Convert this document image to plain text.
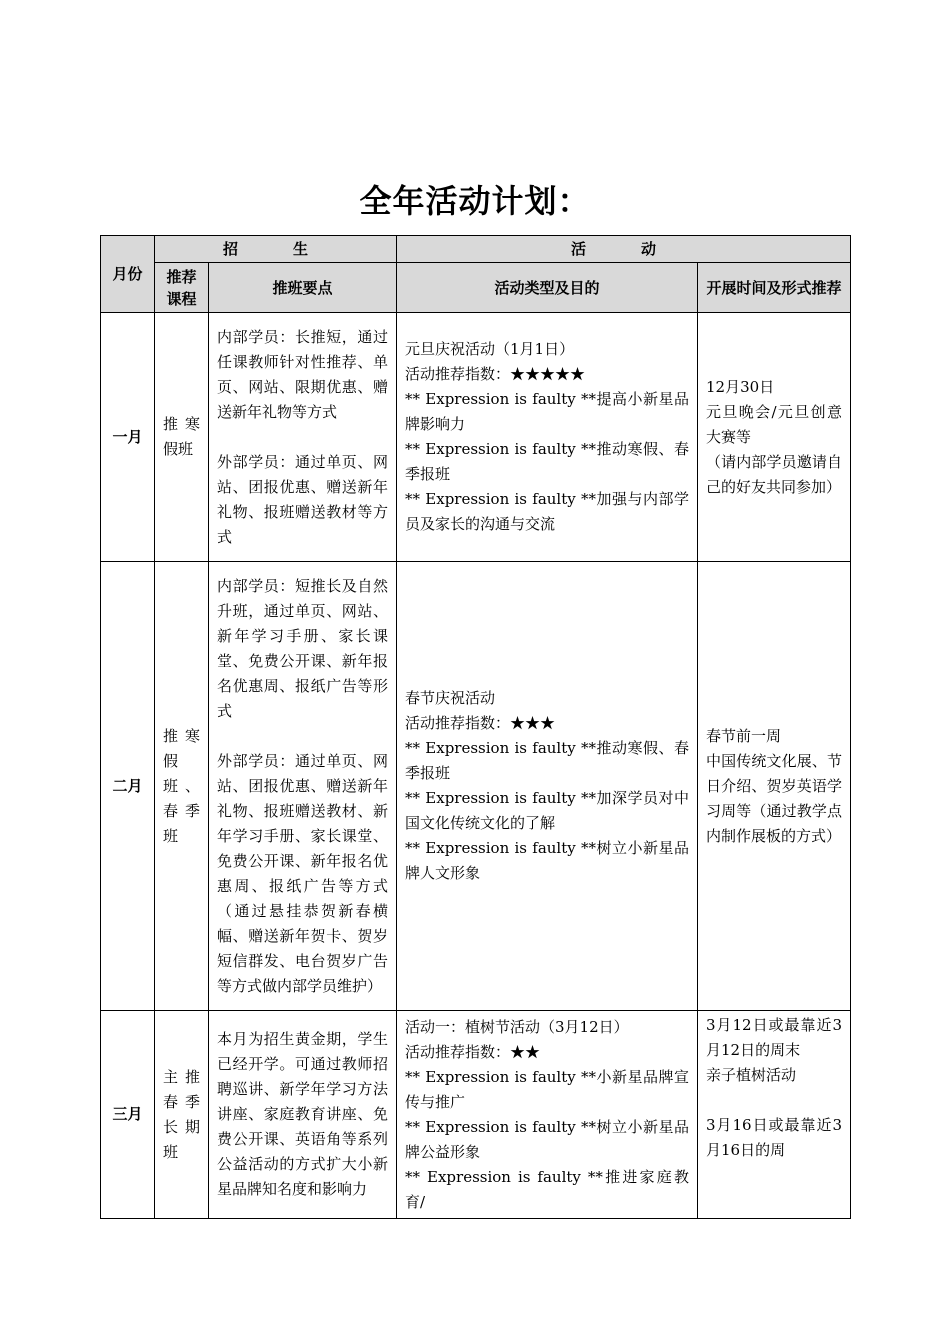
全年活动计划：
月份	招　生		活　动	
	推荐课程	推班要点	活动类型及目的	开展时间及形式推荐
一月	推寒假班	内部学员：长推短，通过任课教师针对性推荐、单页、网站、限期优惠、赠送新年礼物等方式
外部学员：通过单页、网站、团报优惠、赠送新年礼物、报班赠送教材等方式	元旦庆祝活动（1月1日）
活动推荐指数：★★★★★
** Expression is faulty **提高小新星品牌影响力
** Expression is faulty **推动寒假、春季报班
** Expression is faulty **加强与内部学员及家长的沟通与交流	12月30日
元旦晚会/元旦创意大赛等
（请内部学员邀请自己的好友共同参加）

二月	推寒假班、春季班	内部学员：短推长及自然升班，通过单页、网站、新年学习手册、家长课堂、免费公开课、新年报名优惠周、报纸广告等形式
外部学员：通过单页、网站、团报优惠、赠送新年礼物、报班赠送教材、新年学习手册、家长课堂、免费公开课、新年报名优惠周、报纸广告等方式（通过悬挂恭贺新春横幅、赠送新年贺卡、贺岁短信群发、电台贺岁广告等方式做内部学员维护）	春节庆祝活动
活动推荐指数：★★★
** Expression is faulty **推动寒假、春季报班
** Expression is faulty **加深学员对中国文化传统文化的了解
** Expression is faulty **树立小新星品牌人文形象	春节前一周
中国传统文化展、节日介绍、贺岁英语学习周等（通过教学点内制作展板的方式）

三月	主推春季长期班	本月为招生黄金期，学生已经开学。可通过教师招聘巡讲、新学年学习方法讲座、家庭教育讲座、免费公开课、英语角等系列公益活动的方式扩大小新星品牌知名度和影响力	活动一：植树节活动（3月12日）
活动推荐指数：★★
** Expression is faulty **小新星品牌宣传与推广
** Expression is faulty **树立小新星品牌公益形象
** Expression is faulty **推进家庭教育/	3月12日或最靠近3月12日的周末
亲子植树活动
3月16日或最靠近3月16日的周
